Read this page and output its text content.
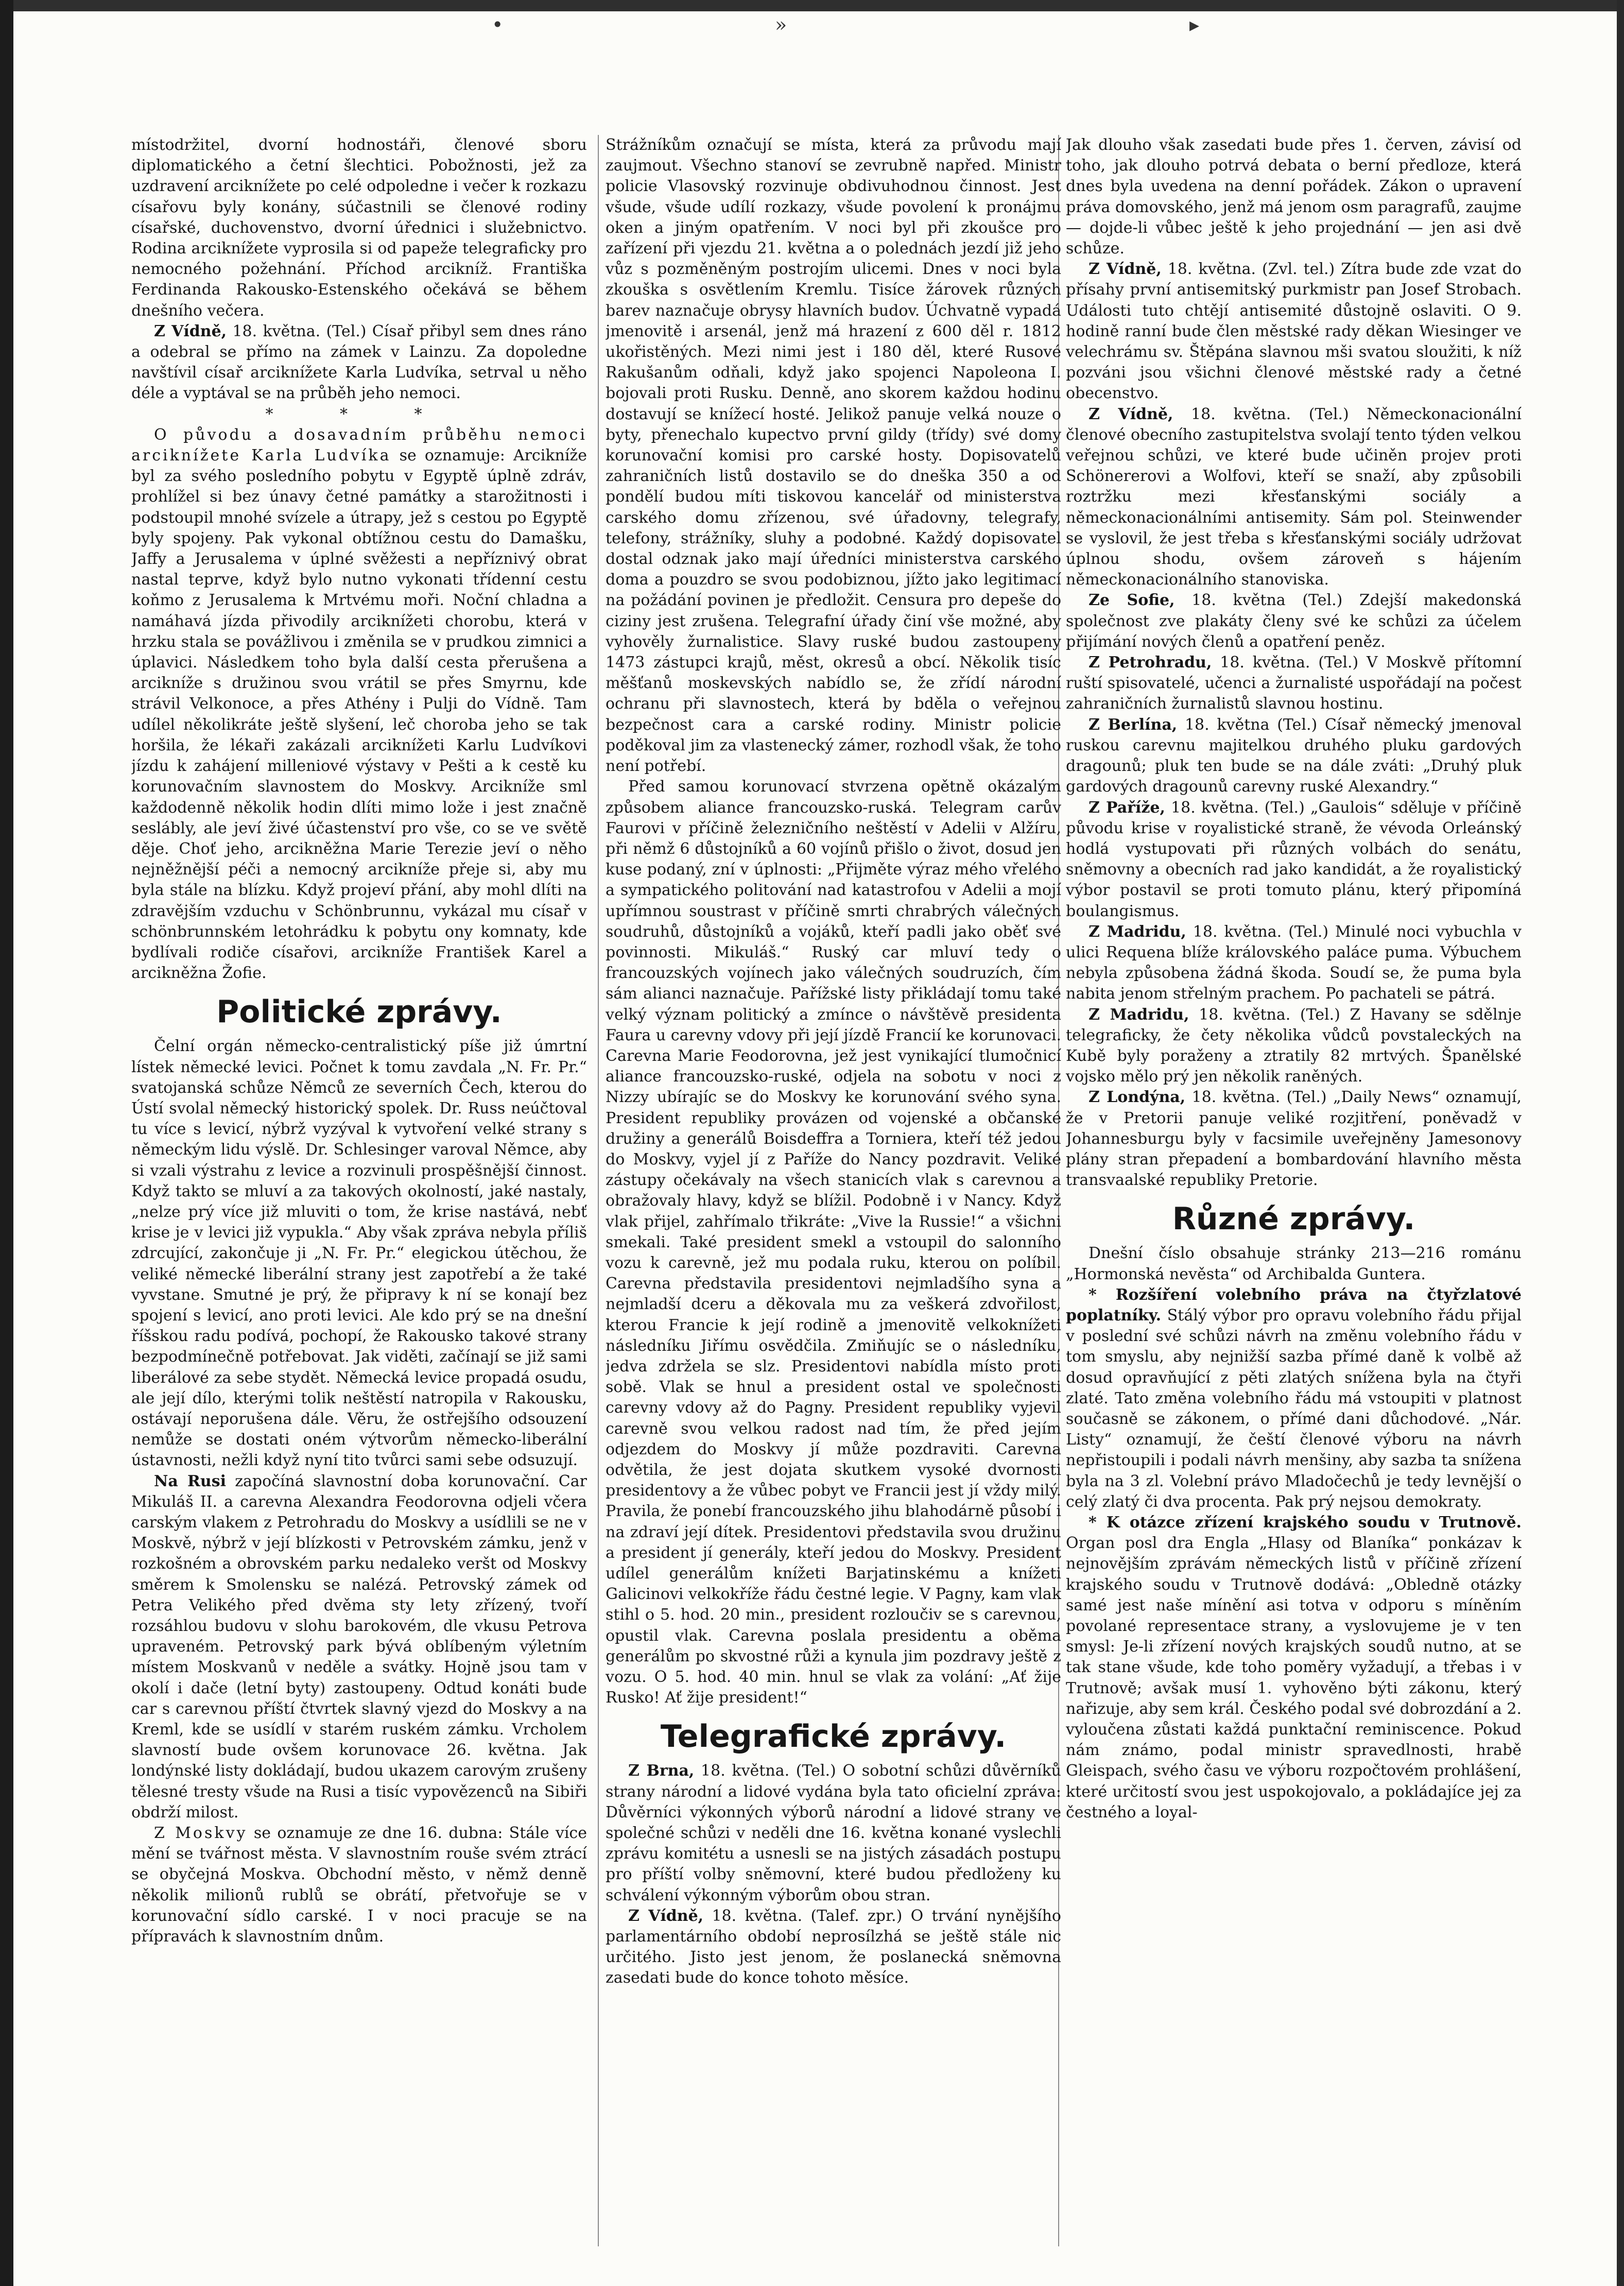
•	»	▸

místodržitel, dvorní hodnostáři, členové sboru diplomatického a četní šlechtici. Pobožnosti, jež za uzdravení arciknížete po celé odpoledne i večer k rozkazu císařovu byly konány, súčastnili se členové rodiny císařské, duchovenstvo, dvorní úřednici i služebnictvo. Rodina arciknížete vyprosila si od papeže telegraficky pro nemocného požehnání. Příchod arcikníž. Františka Ferdinanda Rakousko-Estenského očekává se během dnešního večera.

Z Vídně, 18. května. (Tel.) Císař přibyl sem dnes ráno a odebral se přímo na zámek v Lainzu. Za dopoledne navštívil císař arciknížete Karla Ludvíka, setrval u něho déle a vyptával se na průběh jeho nemoci.

* * *

O původu a dosavadním průběhu nemoci arciknížete Karla Ludvíka se oznamuje: Arcikníže byl za svého posledního pobytu v Egyptě úplně zdráv, prohlížel si bez únavy četné památky a starožitnosti i podstoupil mnohé svízele a útrapy, jež s cestou po Egyptě byly spojeny. Pak vykonal obtížnou cestu do Damašku, Jaffy a Jerusalema v úplné svěžesti a nepříznivý obrat nastal teprve, když bylo nutno vykonati třídenní cestu koňmo z Jerusalema k Mrtvému moři. Noční chladna a namáhavá jízda přivodily arciknížeti chorobu, která v hrzku stala se povážlivou i změnila se v prudkou zimnici a úplavici. Následkem toho byla další cesta přerušena a arcikníže s družinou svou vrátil se přes Smyrnu, kde strávil Velkonoce, a přes Athény i Pulji do Vídně. Tam udílel několikráte ještě slyšení, leč choroba jeho se tak horšila, že lékaři zakázali arciknížeti Karlu Ludvíkovi jízdu k zahájení milleniové výstavy v Pešti a k cestě ku korunovačním slavnostem do Moskvy. Arcikníže sml každodenně několik hodin dlíti mimo lože i jest značně seslábly, ale jeví živé účastenství pro vše, co se ve světě děje. Choť jeho, arcikněžna Marie Terezie jeví o něho nejněžnější péči a nemocný arcikníže přeje si, aby mu byla stále na blízku. Když projeví přání, aby mohl dlíti na zdravějším vzduchu v Schönbrunnu, vykázal mu císař v schönbrunnském letohrádku k pobytu ony komnaty, kde bydlívali rodiče císařovi, arcikníže František Karel a arcikněžna Žofie.

Politické zprávy.

Čelní orgán německo-centralistický píše již úmrtní lístek německé levici. Počnet k tomu zavdala „N. Fr. Pr.“ svatojanská schůze Němců ze severních Čech, kterou do Ústí svolal německý historický spolek. Dr. Russ neúčtoval tu více s levicí, nýbrž vyzýval k vytvoření velké strany s německým lidu výslě. Dr. Schlesinger varoval Němce, aby si vzali výstrahu z levice a rozvinuli prospěšnější činnost. Když takto se mluví a za takových okolností, jaké nastaly, „nelze prý více již mluviti o tom, že krise nastává, nebť krise je v levici již vypukla.“ Aby však zpráva nebyla příliš zdrcující, zakončuje ji „N. Fr. Pr.“ elegickou útěchou, že veliké německé liberální strany jest zapotřebí a že také vyvstane. Smutné je prý, že připravy k ní se konají bez spojení s levicí, ano proti levici. Ale kdo prý se na dnešní říšskou radu podívá, pochopí, že Rakousko takové strany bezpodmínečně potřebovat. Jak viděti, začínají se již sami liberálové za sebe stydět. Německá levice propadá osudu, ale její dílo, kterými tolik neštěstí natropila v Rakousku, ostávají neporušena dále. Věru, že ostřejšího odsouzení nemůže se dostati oném výtvorům německo-liberální ústavnosti, nežli když nyní tito tvůrci sami sebe odsuzují.

Na Rusi započíná slavnostní doba korunovační. Car Mikuláš II. a carevna Alexandra Feodorovna odjeli včera carským vlakem z Petrohradu do Moskvy a usídlili se ne v Moskvě, nýbrž v její blízkosti v Petrovském zámku, jenž v rozkošném a obrovském parku nedaleko veršt od Moskvy směrem k Smolensku se nalézá. Petrovský zámek od Petra Velikého před dvěma sty lety zřízený, tvoří rozsáhlou budovu v slohu barokovém, dle vkusu Petrova upraveném. Petrovský park bývá oblíbeným výletním místem Moskvanů v neděle a svátky. Hojně jsou tam v okolí i dače (letní byty) zastoupeny. Odtud konáti bude car s carevnou příští čtvrtek slavný vjezd do Moskvy a na Kreml, kde se usídlí v starém ruském zámku. Vrcholem slavností bude ovšem korunovace 26. května. Jak londýnské listy dokládají, budou ukazem carovým zrušeny tělesné tresty všude na Rusi a tisíc vypovězenců na Sibiři obdrží milost.

Z Moskvy se oznamuje ze dne 16. dubna: Stále více mění se tvářnost města. V slavnostním rouše svém ztrácí se obyčejná Moskva. Obchodní město, v němž denně několik milionů rublů se obrátí, přetvořuje se v korunovační sídlo carské. I v noci pracuje se na přípravách k slavnostním dnům.

Strážníkům označují se místa, která za průvodu mají zaujmout. Všechno stanoví se zevrubně napřed. Ministr policie Vlasovský rozvinuje obdivuhodnou činnost. Jest všude, všude udílí rozkazy, všude povolení k pronájmu oken a jiným opatřením. V noci byl při zkoušce pro zařízení při vjezdu 21. května a o polednách jezdí již jeho vůz s pozměněným postrojím ulicemi. Dnes v noci byla zkouška s osvětlením Kremlu. Tisíce žárovek různých barev naznačuje obrysy hlavních budov. Úchvatně vypadá jmenovitě i arsenál, jenž má hrazení z 600 děl r. 1812 ukořistěných. Mezi nimi jest i 180 děl, které Rusové Rakušanům odňali, když jako spojenci Napoleona I. bojovali proti Rusku. Denně, ano skorem každou hodinu dostavují se knížecí hosté. Jelikož panuje velká nouze o byty, přenechalo kupectvo první gildy (třídy) své domy korunovační komisi pro carské hosty. Dopisovatelů zahraničních listů dostavilo se do dneška 350 a od pondělí budou míti tiskovou kancelář od ministerstva carského domu zřízenou, své úřadovny, telegrafy, telefony, strážníky, sluhy a podobné. Každý dopisovatel dostal odznak jako mají úředníci ministerstva carského doma a pouzdro se svou podobiznou, jížto jako legitimací na požádání povinen je předložit. Censura pro depeše do ciziny jest zrušena. Telegrafní úřady činí vše možné, aby vyhověly žurnalistice. Slavy ruské budou zastoupeny 1473 zástupci krajů, měst, okresů a obcí. Několik tisíc měšťanů moskevských nabídlo se, že zřídí národní ochranu při slavnostech, která by bděla o veřejnou bezpečnost cara a carské rodiny. Ministr policie poděkoval jim za vlastenecký zámer, rozhodl však, že toho není potřebí.

Před samou korunovací stvrzena opětně okázalým způsobem aliance francouzsko-ruská. Telegram carův Faurovi v příčině železničního neštěstí v Adelii v Alžíru, při němž 6 důstojníků a 60 vojínů přišlo o život, dosud jen kuse podaný, zní v úplnosti: „Přijměte výraz mého vřelého a sympatického politování nad katastrofou v Adelii a mojí upřímnou soustrast v příčině smrti chrabrých válečných soudruhů, důstojníků a vojáků, kteří padli jako oběť své povinnosti. Mikuláš.“ Ruský car mluví tedy o francouzských vojínech jako válečných soudruzích, čím sám alianci naznačuje. Pařížské listy přikládají tomu také velký význam politický a zmínce o návštěvě presidenta Faura u carevny vdovy při její jízdě Francií ke korunovaci. Carevna Marie Feodorovna, jež jest vynikající tlumočnicí aliance francouzsko-ruské, odjela na sobotu v noci z Nizzy ubírajíc se do Moskvy ke korunování svého syna. President republiky provázen od vojenské a občanské družiny a generálů Boisdeffra a Torniera, kteří též jedou do Moskvy, vyjel jí z Paříže do Nancy pozdravit. Veliké zástupy očekávaly na všech stanicích vlak s carevnou a obražovaly hlavy, když se blížil. Podobně i v Nancy. Když vlak přijel, zahřímalo třikráte: „Vive la Russie!“ a všichni smekali. Také president smekl a vstoupil do salonního vozu k carevně, jež mu podala ruku, kterou on políbil. Carevna představila presidentovi nejmladšího syna a nejmladší dceru a děkovala mu za veškerá zdvořilost, kterou Francie k její rodině a jmenovitě velkoknížeti následníku Jiřímu osvědčila. Zmiňujíc se o následníku, jedva zdržela se slz. Presidentovi nabídla místo proti sobě. Vlak se hnul a president ostal ve společnosti carevny vdovy až do Pagny. President republiky vyjevil carevně svou velkou radost nad tím, že před jejím odjezdem do Moskvy jí může pozdraviti. Carevna odvětila, že jest dojata skutkem vysoké dvornosti presidentovy a že vůbec pobyt ve Francii jest jí vždy milý. Pravila, že ponebí francouzského jihu blahodárně působí i na zdraví její dítek. Presidentovi představila svou družinu a president jí generály, kteří jedou do Moskvy. President udílel generálům knížeti Barjatinskému a knížeti Galicinovi velkokříže řádu čestné legie. V Pagny, kam vlak stihl o 5. hod. 20 min., president rozloučiv se s carevnou, opustil vlak. Carevna poslala presidentu a oběma generálům po skvostné růži a kynula jim pozdravy ještě z vozu. O 5. hod. 40 min. hnul se vlak za volání: „Ať žije Rusko! Ať žije president!“

Telegrafické zprávy.

Z Brna, 18. května. (Tel.) O sobotní schůzi důvěrníků strany národní a lidové vydána byla tato oficielní zpráva: Důvěrníci výkonných výborů národní a lidové strany ve společné schůzi v neděli dne 16. května konané vyslechli zprávu komitétu a usnesli se na jistých zásadách postupu pro příští volby sněmovní, které budou předloženy ku schválení výkonným výborům obou stran.

Z Vídně, 18. května. (Talef. zpr.) O trvání nynějšího parlamentárního období neprosílzhá se ještě stále nic určitého. Jisto jest jenom, že poslanecká sněmovna zasedati bude do konce tohoto měsíce.

Jak dlouho však zasedati bude přes 1. červen, závisí od toho, jak dlouho potrvá debata o berní předloze, která dnes byla uvedena na denní pořádek. Zákon o upravení práva domovského, jenž má jenom osm paragrafů, zaujme — dojde-li vůbec ještě k jeho projednání — jen asi dvě schůze.

Z Vídně, 18. května. (Zvl. tel.) Zítra bude zde vzat do přísahy první antisemitský purkmistr pan Josef Strobach. Události tuto chtějí antisemité důstojně oslaviti. O 9. hodině ranní bude člen městské rady děkan Wiesinger ve velechrámu sv. Štěpána slavnou mši svatou sloužiti, k níž pozváni jsou všichni členové městské rady a četné obecenstvo.

Z Vídně, 18. května. (Tel.) Německonacionální členové obecního zastupitelstva svolají tento týden velkou veřejnou schůzi, ve které bude učiněn projev proti Schönererovi a Wolfovi, kteří se snaží, aby způsobili roztržku mezi křesťanskými sociály a německonacionálními antisemity. Sám pol. Steinwender se vyslovil, že jest třeba s křesťanskými sociály udržovat úplnou shodu, ovšem zároveň s hájením německonacionálního stanoviska.

Ze Sofie, 18. května (Tel.) Zdejší makedonská společnost zve plakáty členy své ke schůzi za účelem přijímání nových členů a opatření peněz.

Z Petrohradu, 18. května. (Tel.) V Moskvě přítomní ruští spisovatelé, učenci a žurnalisté uspořádají na počest zahraničních žurnalistů slavnou hostinu.

Z Berlína, 18. května (Tel.) Císař německý jmenoval ruskou carevnu majitelkou druhého pluku gardových dragounů; pluk ten bude se na dále zváti: „Druhý pluk gardových dragounů carevny ruské Alexandry.“

Z Paříže, 18. května. (Tel.) „Gaulois“ sděluje v příčině původu krise v royalistické straně, že vévoda Orleánský hodlá vystupovati při různých volbách do senátu, sněmovny a obecních rad jako kandidát, a že royalistický výbor postavil se proti tomuto plánu, který připomíná boulangismus.

Z Madridu, 18. května. (Tel.) Minulé noci vybuchla v ulici Requena blíže královského paláce puma. Výbuchem nebyla způsobena žádná škoda. Soudí se, že puma byla nabita jenom střelným prachem. Po pachateli se pátrá.

Z Madridu, 18. května. (Tel.) Z Havany se sdělnje telegraficky, že čety několika vůdců povstaleckých na Kubě byly poraženy a ztratily 82 mrtvých. Španělské vojsko mělo prý jen několik raněných.

Z Londýna, 18. května. (Tel.) „Daily News“ oznamují, že v Pretorii panuje veliké rozjitření, poněvadž v Johannesburgu byly v facsimile uveřejněny Jamesonovy plány stran přepadení a bombardování hlavního města transvaalské republiky Pretorie.

Různé zprávy.

Dnešní číslo obsahuje stránky 213—216 románu „Hormonská nevěsta“ od Archibalda Guntera.

* Rozšíření volebního práva na čtyřzlatové poplatníky. Stálý výbor pro opravu volebního řádu přijal v poslední své schůzi návrh na změnu volebního řádu v tom smyslu, aby nejnižší sazba přímé daně k volbě až dosud opravňující z pěti zlatých snížena byla na čtyři zlaté. Tato změna volebního řádu má vstoupiti v platnost současně se zákonem, o přímé dani důchodové. „Nár. Listy“ oznamují, že čeští členové výboru na návrh nepřistoupili i podali návrh menšiny, aby sazba ta snížena byla na 3 zl. Volební právo Mladočechů je tedy levnější o celý zlatý či dva procenta. Pak prý nejsou demokraty.

* K otázce zřízení krajského soudu v Trutnově. Organ posl dra Engla „Hlasy od Blaníka“ ponkázav k nejnovějším zprávám německých listů v příčině zřízení krajského soudu v Trutnově dodává: „Obledně otázky samé jest naše mínění asi totva v odporu s míněním povolané representace strany, a vyslovujeme je v ten smysl: Je-li zřízení nových krajských soudů nutno, at se tak stane všude, kde toho poměry vyžadují, a třebas i v Trutnově; avšak musí 1. vyhověno býti zákonu, který nařizuje, aby sem král. Českého podal své dobrozdání a 2. vyloučena zůstati každá punktační reminiscence. Pokud nám známo, podal ministr spravedlnosti, hrabě Gleispach, svého času ve výboru rozpočtovém prohlášení, které určitostí svou jest uspokojovalo, a pokládajíce jej za čestného a loyal-
